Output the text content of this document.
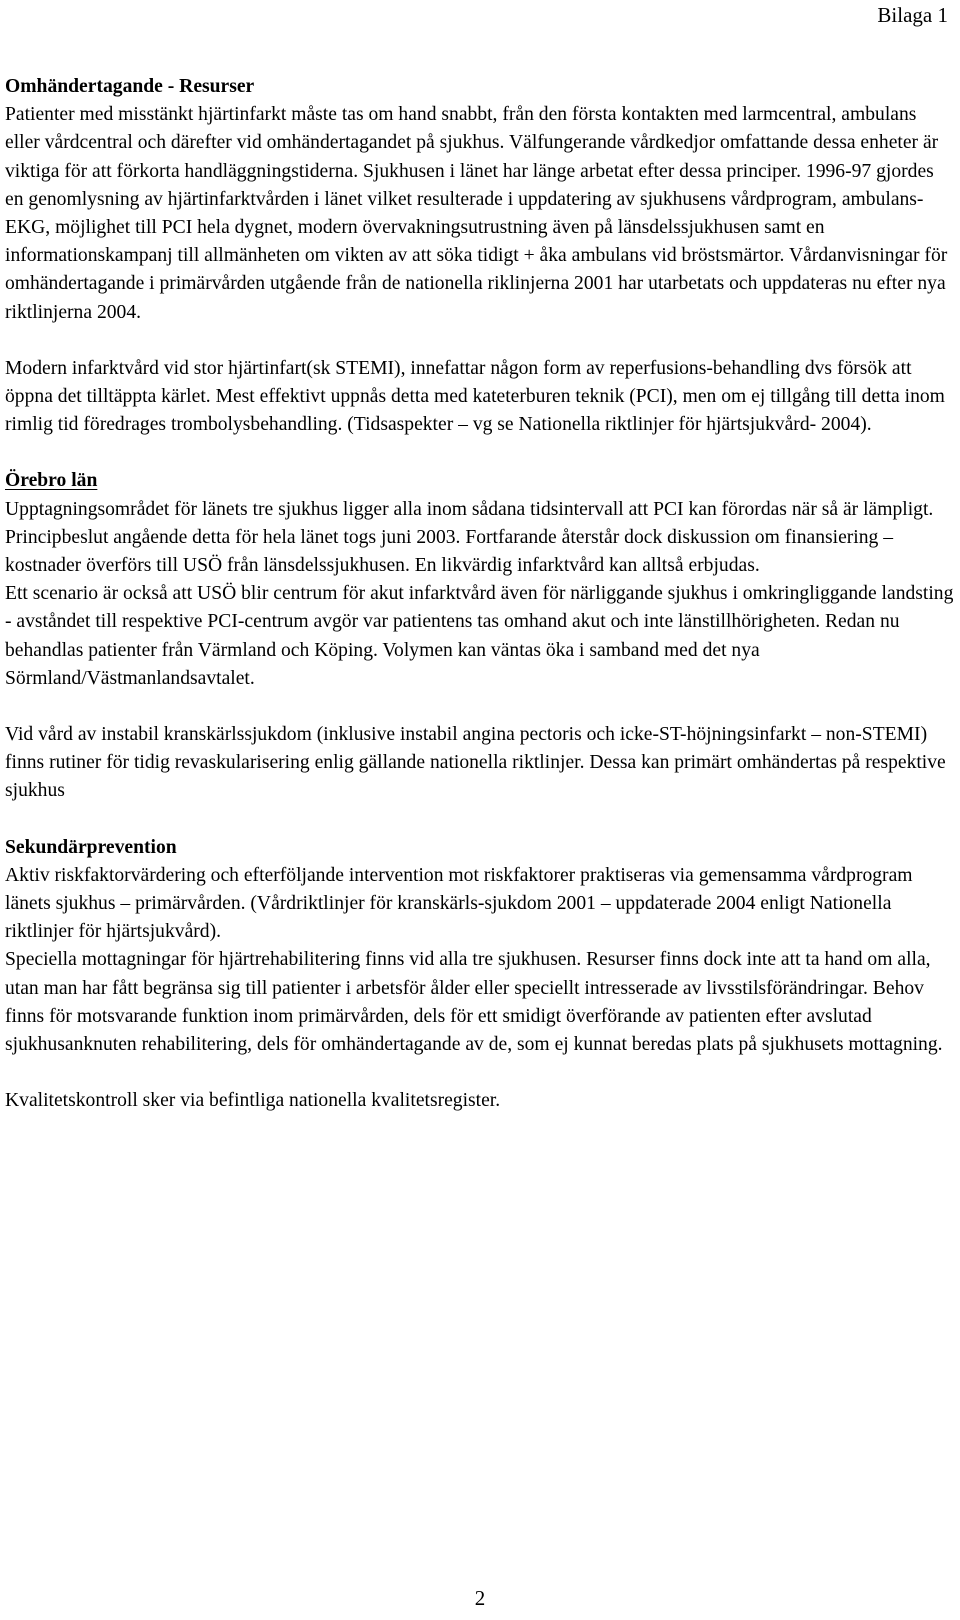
Bilaga 1

Omhändertagande - Resurser

Patienter med misstänkt hjärtinfarkt måste tas om hand snabbt, från den första kontakten med larmcentral, ambulans eller vårdcentral och därefter vid omhändertagandet på sjukhus. Välfungerande vårdkedjor omfattande dessa enheter är viktiga för att förkorta handläggningstiderna. Sjukhusen i länet har länge arbetat efter dessa principer. 1996-97 gjordes en genomlysning av hjärtinfarktvården i länet vilket resulterade i uppdatering av sjukhusens vårdprogram, ambulans-EKG, möjlighet till PCI hela dygnet, modern övervakningsutrustning även på länsdelssjukhusen samt en informationskampanj till allmänheten om vikten av att söka tidigt + åka ambulans vid bröstsmärtor. Vårdanvisningar för omhändertagande i primärvården utgående från de nationella riklinjerna 2001 har utarbetats och uppdateras nu efter nya riktlinjerna 2004.

Modern infarktvård vid stor hjärtinfart(sk STEMI), innefattar någon form av reperfusions-behandling dvs försök att öppna det tilltäppta kärlet. Mest effektivt uppnås detta med kateterburen teknik (PCI), men om ej tillgång till detta inom rimlig tid föredrages trombolysbehandling. (Tidsaspekter – vg se Nationella riktlinjer för hjärtsjukvård- 2004).

Örebro län

Upptagningsområdet för länets tre sjukhus ligger alla inom sådana tidsintervall att PCI kan förordas när så är lämpligt. Principbeslut angående detta för hela länet togs juni 2003. Fortfarande återstår dock diskussion om finansiering – kostnader överförs till USÖ från länsdelssjukhusen. En likvärdig infarktvård kan alltså erbjudas.

Ett scenario är också att USÖ blir centrum för akut infarktvård även för närliggande sjukhus i omkringliggande landsting - avståndet till respektive PCI-centrum avgör var patientens tas omhand akut och inte länstillhörigheten. Redan nu behandlas patienter från Värmland och Köping. Volymen kan väntas öka i samband med det nya Sörmland/Västmanlandsavtalet.

Vid vård av instabil kranskärlssjukdom (inklusive instabil angina pectoris och icke-ST-höjningsinfarkt – non-STEMI) finns rutiner för tidig revaskularisering enlig gällande nationella riktlinjer. Dessa kan primärt omhändertas på respektive sjukhus

Sekundärprevention

Aktiv riskfaktorvärdering och efterföljande intervention mot riskfaktorer praktiseras via gemensamma vårdprogram länets sjukhus – primärvården. (Vårdriktlinjer för kranskärls-sjukdom 2001 – uppdaterade 2004 enligt Nationella riktlinjer för hjärtsjukvård).

Speciella mottagningar för hjärtrehabilitering finns vid alla tre sjukhusen. Resurser finns dock inte att ta hand om alla, utan man har fått begränsa sig till patienter i arbetsför ålder eller speciellt intresserade av livsstilsförändringar. Behov finns för motsvarande funktion inom primärvården, dels för ett smidigt överförande av patienten efter avslutad sjukhusanknuten rehabilitering, dels för omhändertagande av de, som ej kunnat beredas plats på sjukhusets mottagning.

Kvalitetskontroll sker via befintliga nationella kvalitetsregister.

2
